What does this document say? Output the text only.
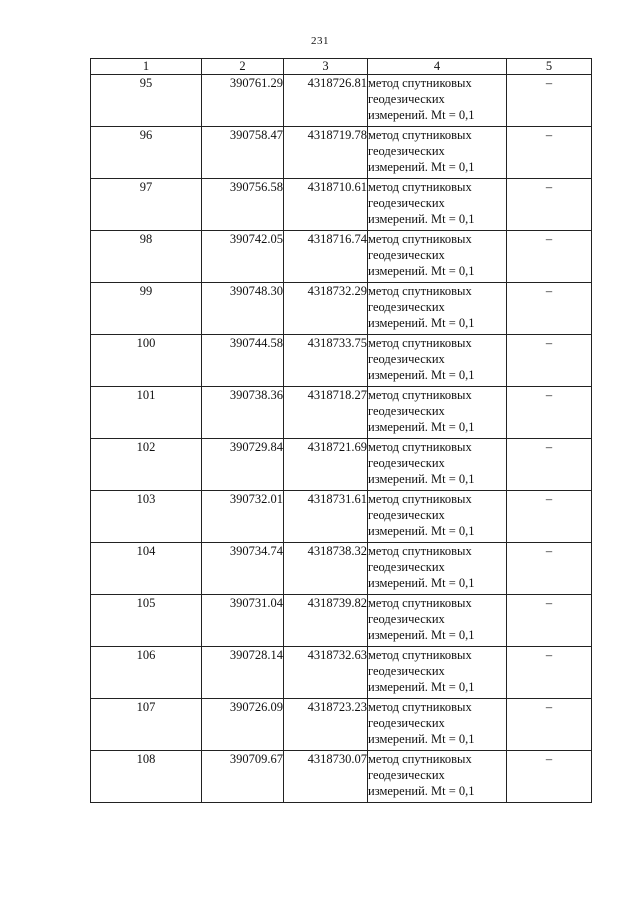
231
1	2	3	4	5
95	390761.29	4318726.81	метод спутниковых
геодезических
измерений. Mt = 0,1	–
96	390758.47	4318719.78	метод спутниковых
геодезических
измерений. Mt = 0,1	–
97	390756.58	4318710.61	метод спутниковых
геодезических
измерений. Mt = 0,1	–
98	390742.05	4318716.74	метод спутниковых
геодезических
измерений. Mt = 0,1	–
99	390748.30	4318732.29	метод спутниковых
геодезических
измерений. Mt = 0,1	–
100	390744.58	4318733.75	метод спутниковых
геодезических
измерений. Mt = 0,1	–
101	390738.36	4318718.27	метод спутниковых
геодезических
измерений. Mt = 0,1	–
102	390729.84	4318721.69	метод спутниковых
геодезических
измерений. Mt = 0,1	–
103	390732.01	4318731.61	метод спутниковых
геодезических
измерений. Mt = 0,1	–
104	390734.74	4318738.32	метод спутниковых
геодезических
измерений. Mt = 0,1	–
105	390731.04	4318739.82	метод спутниковых
геодезических
измерений. Mt = 0,1	–
106	390728.14	4318732.63	метод спутниковых
геодезических
измерений. Mt = 0,1	–
107	390726.09	4318723.23	метод спутниковых
геодезических
измерений. Mt = 0,1	–
108	390709.67	4318730.07	метод спутниковых
геодезических
измерений. Mt = 0,1	–
